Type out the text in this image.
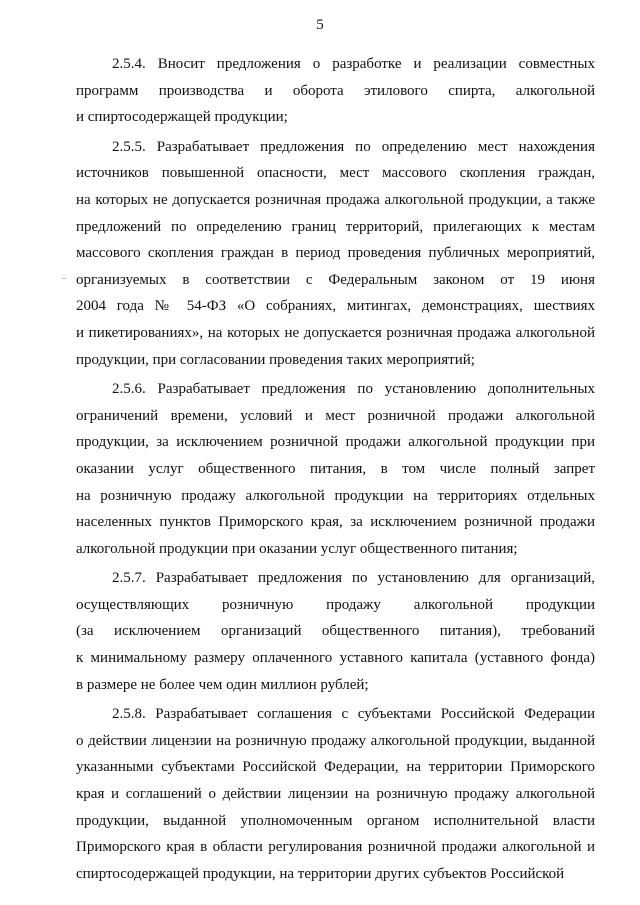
5
2.5.4. Вносит предложения о разработке и реализации совместных
программ производства и оборота этилового спирта, алкогольной
и спиртосодержащей продукции;
2.5.5. Разрабатывает предложения по определению мест нахождения
источников повышенной опасности, мест массового скопления граждан,
на которых не допускается розничная продажа алкогольной продукции, а также
предложений по определению границ территорий, прилегающих к местам
массового скопления граждан в период проведения публичных мероприятий,
организуемых в соответствии с Федеральным законом от 19 июня
2004 года № 54-ФЗ «О собраниях, митингах, демонстрациях, шествиях
и пикетированиях», на которых не допускается розничная продажа алкогольной
продукции, при согласовании проведения таких мероприятий;
2.5.6. Разрабатывает предложения по установлению дополнительных
ограничений времени, условий и мест розничной продажи алкогольной
продукции, за исключением розничной продажи алкогольной продукции при
оказании услуг общественного питания, в том числе полный запрет
на розничную продажу алкогольной продукции на территориях отдельных
населенных пунктов Приморского края, за исключением розничной продажи
алкогольной продукции при оказании услуг общественного питания;
2.5.7. Разрабатывает предложения по установлению для организаций,
осуществляющих розничную продажу алкогольной продукции
(за исключением организаций общественного питания), требований
к минимальному размеру оплаченного уставного капитала (уставного фонда)
в размере не более чем один миллион рублей;
2.5.8. Разрабатывает соглашения с субъектами Российской Федерации
о действии лицензии на розничную продажу алкогольной продукции, выданной
указанными субъектами Российской Федерации, на территории Приморского
края и соглашений о действии лицензии на розничную продажу алкогольной
продукции, выданной уполномоченным органом исполнительной власти
Приморского края в области регулирования розничной продажи алкогольной и
спиртосодержащей продукции, на территории других субъектов Российской
